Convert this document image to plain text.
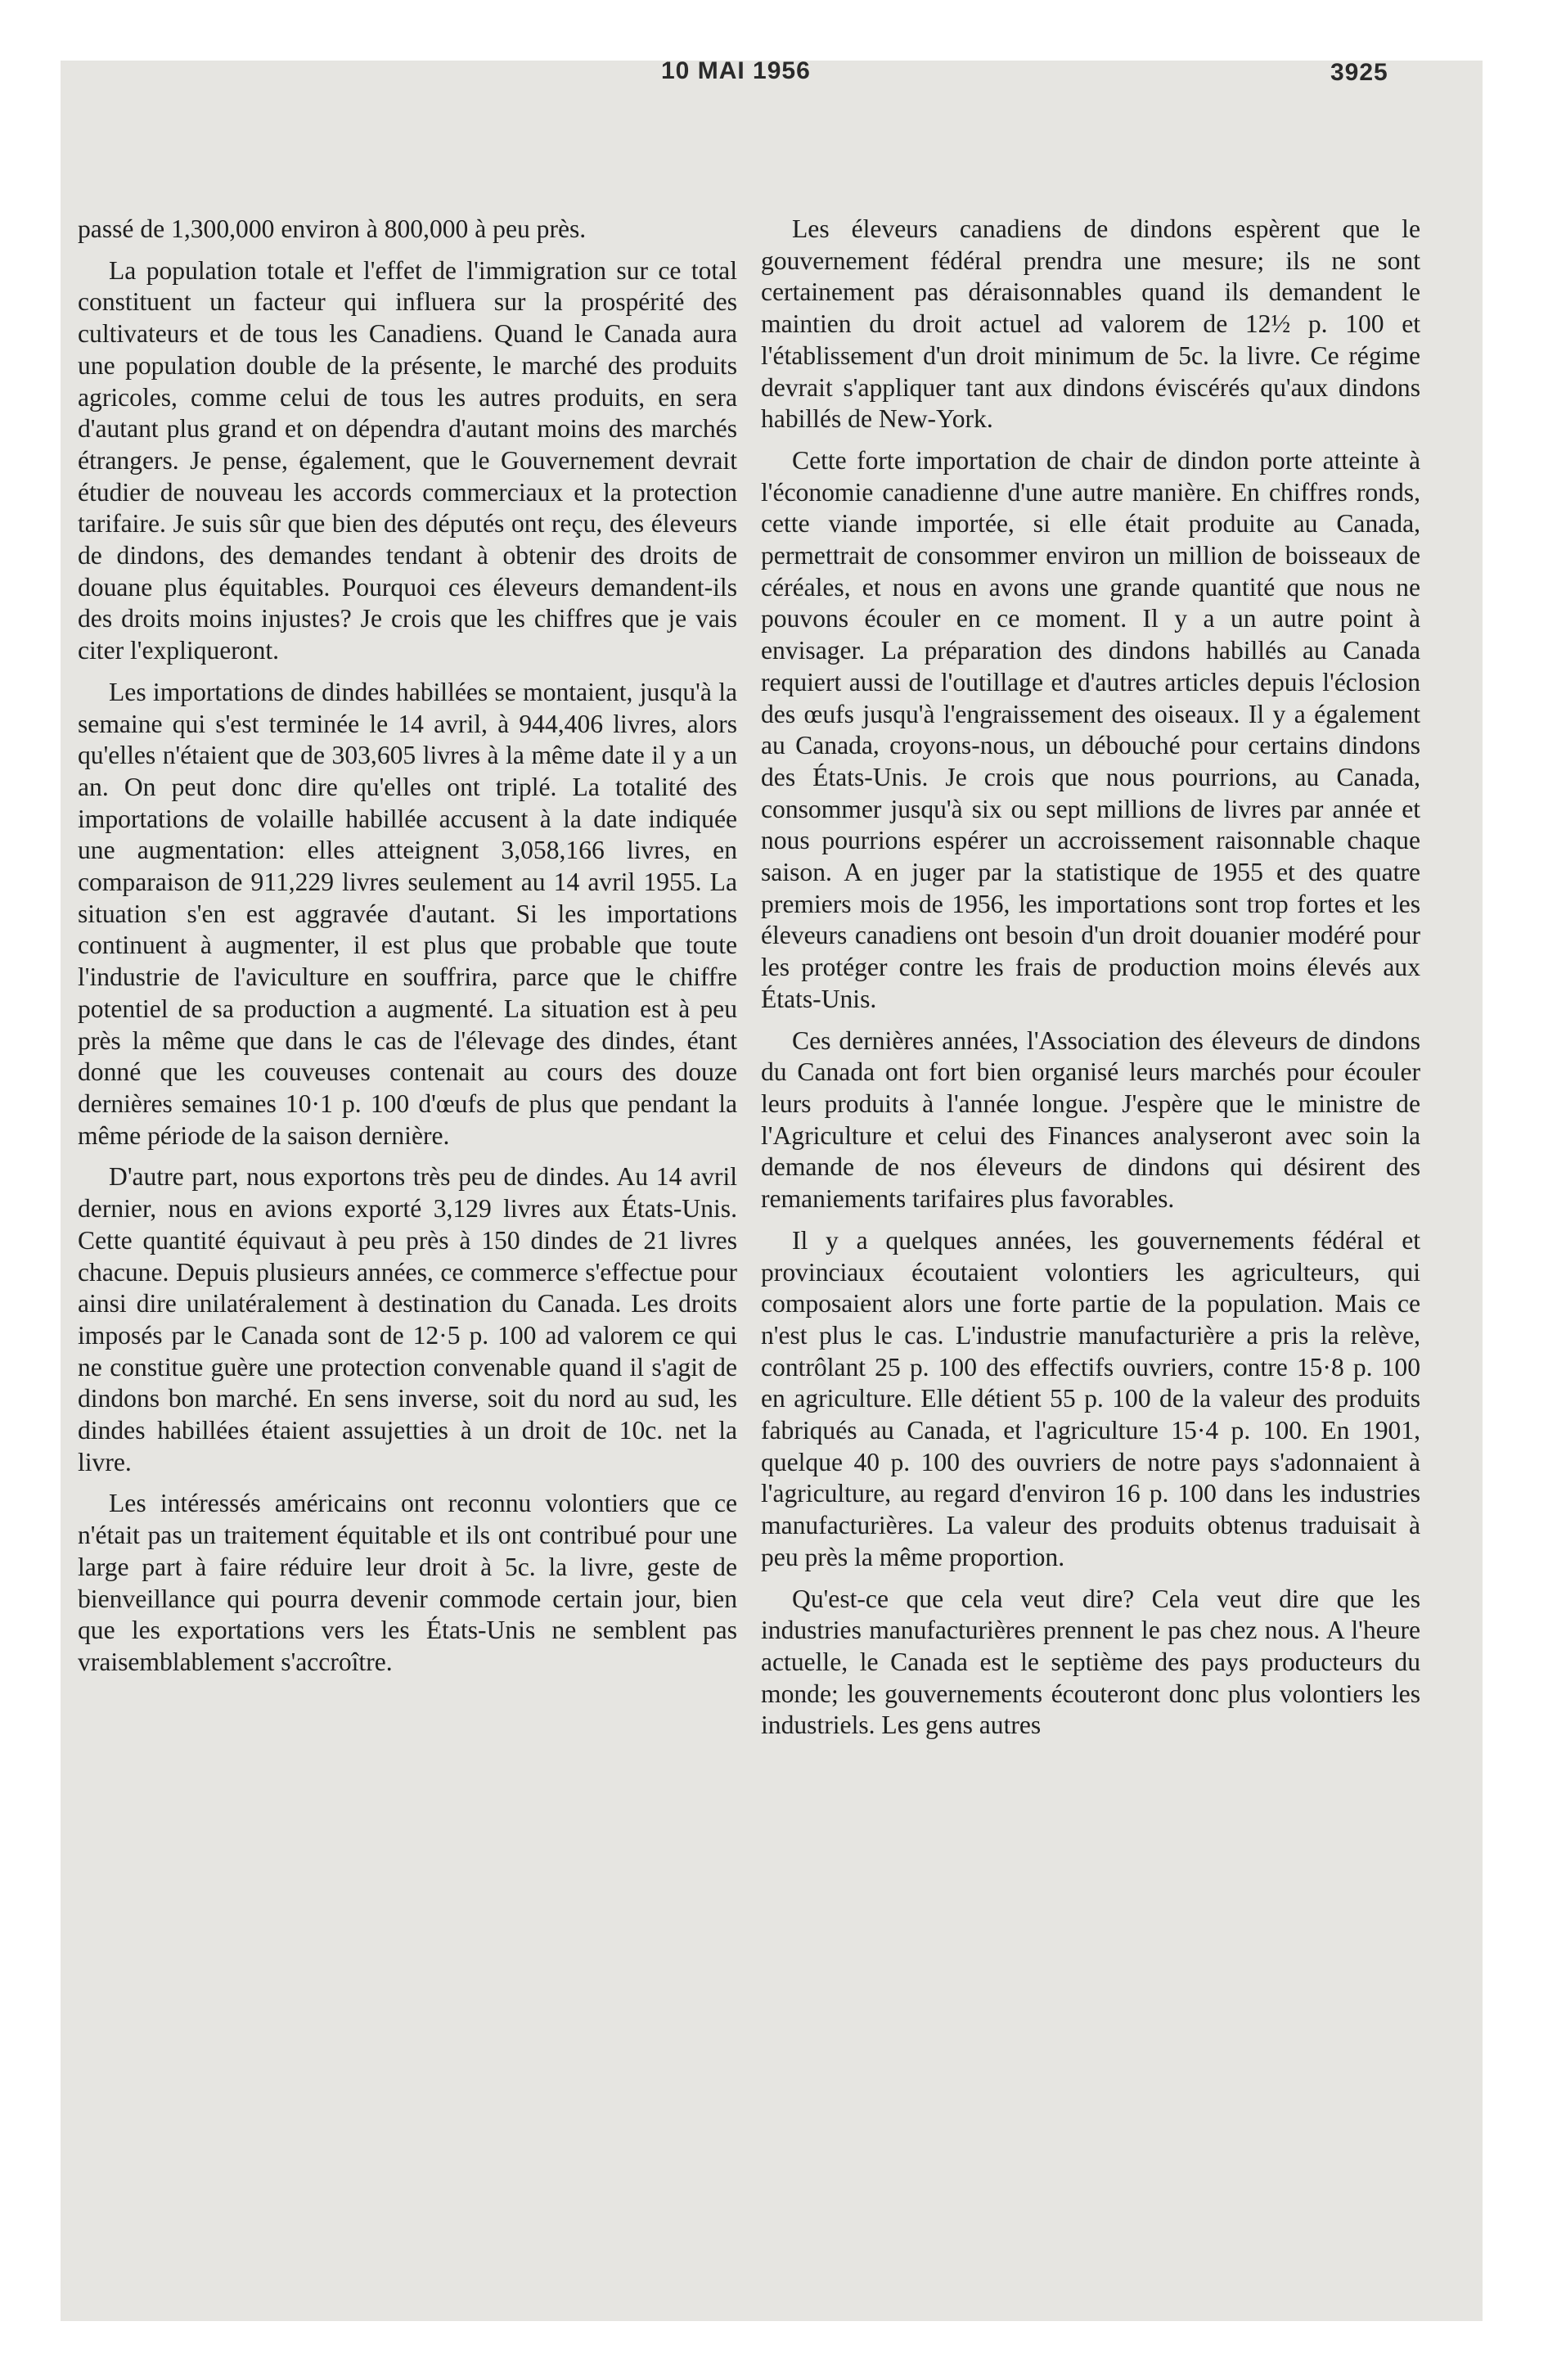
10 MAI 1956	3925

passé de 1,300,000 environ à 800,000 à peu près.

La population totale et l'effet de l'immigration sur ce total constituent un facteur qui influera sur la prospérité des cultivateurs et de tous les Canadiens. Quand le Canada aura une population double de la présente, le marché des produits agricoles, comme celui de tous les autres produits, en sera d'autant plus grand et on dépendra d'autant moins des marchés étrangers. Je pense, également, que le Gouvernement devrait étudier de nouveau les accords commerciaux et la protection tarifaire. Je suis sûr que bien des députés ont reçu, des éleveurs de dindons, des demandes tendant à obtenir des droits de douane plus équitables. Pourquoi ces éleveurs demandent-ils des droits moins injustes? Je crois que les chiffres que je vais citer l'expliqueront.

Les importations de dindes habillées se montaient, jusqu'à la semaine qui s'est terminée le 14 avril, à 944,406 livres, alors qu'elles n'étaient que de 303,605 livres à la même date il y a un an. On peut donc dire qu'elles ont triplé. La totalité des importations de volaille habillée accusent à la date indiquée une augmentation: elles atteignent 3,058,166 livres, en comparaison de 911,229 livres seulement au 14 avril 1955. La situation s'en est aggravée d'autant. Si les importations continuent à augmenter, il est plus que probable que toute l'industrie de l'aviculture en souffrira, parce que le chiffre potentiel de sa production a augmenté. La situation est à peu près la même que dans le cas de l'élevage des dindes, étant donné que les couveuses contenait au cours des douze dernières semaines 10·1 p. 100 d'œufs de plus que pendant la même période de la saison dernière.

D'autre part, nous exportons très peu de dindes. Au 14 avril dernier, nous en avions exporté 3,129 livres aux États-Unis. Cette quantité équivaut à peu près à 150 dindes de 21 livres chacune. Depuis plusieurs années, ce commerce s'effectue pour ainsi dire unilatéralement à destination du Canada. Les droits imposés par le Canada sont de 12·5 p. 100 ad valorem ce qui ne constitue guère une protection convenable quand il s'agit de dindons bon marché. En sens inverse, soit du nord au sud, les dindes habillées étaient assujetties à un droit de 10c. net la livre.

Les intéressés américains ont reconnu volontiers que ce n'était pas un traitement équitable et ils ont contribué pour une large part à faire réduire leur droit à 5c. la livre, geste de bienveillance qui pourra devenir commode certain jour, bien que les exportations vers les États-Unis ne semblent pas vraisemblablement s'accroître.

Les éleveurs canadiens de dindons espèrent que le gouvernement fédéral prendra une mesure; ils ne sont certainement pas déraisonnables quand ils demandent le maintien du droit actuel ad valorem de 12½ p. 100 et l'établissement d'un droit minimum de 5c. la livre. Ce régime devrait s'appliquer tant aux dindons éviscérés qu'aux dindons habillés de New-York.

Cette forte importation de chair de dindon porte atteinte à l'économie canadienne d'une autre manière. En chiffres ronds, cette viande importée, si elle était produite au Canada, permettrait de consommer environ un million de boisseaux de céréales, et nous en avons une grande quantité que nous ne pouvons écouler en ce moment. Il y a un autre point à envisager. La préparation des dindons habillés au Canada requiert aussi de l'outillage et d'autres articles depuis l'éclosion des œufs jusqu'à l'engraissement des oiseaux. Il y a également au Canada, croyons-nous, un débouché pour certains dindons des États-Unis. Je crois que nous pourrions, au Canada, consommer jusqu'à six ou sept millions de livres par année et nous pourrions espérer un accroissement raisonnable chaque saison. A en juger par la statistique de 1955 et des quatre premiers mois de 1956, les importations sont trop fortes et les éleveurs canadiens ont besoin d'un droit douanier modéré pour les protéger contre les frais de production moins élevés aux États-Unis.

Ces dernières années, l'Association des éleveurs de dindons du Canada ont fort bien organisé leurs marchés pour écouler leurs produits à l'année longue. J'espère que le ministre de l'Agriculture et celui des Finances analyseront avec soin la demande de nos éleveurs de dindons qui désirent des remaniements tarifaires plus favorables.

Il y a quelques années, les gouvernements fédéral et provinciaux écoutaient volontiers les agriculteurs, qui composaient alors une forte partie de la population. Mais ce n'est plus le cas. L'industrie manufacturière a pris la relève, contrôlant 25 p. 100 des effectifs ouvriers, contre 15·8 p. 100 en agriculture. Elle détient 55 p. 100 de la valeur des produits fabriqués au Canada, et l'agriculture 15·4 p. 100. En 1901, quelque 40 p. 100 des ouvriers de notre pays s'adonnaient à l'agriculture, au regard d'environ 16 p. 100 dans les industries manufacturières. La valeur des produits obtenus traduisait à peu près la même proportion.

Qu'est-ce que cela veut dire? Cela veut dire que les industries manufacturières prennent le pas chez nous. A l'heure actuelle, le Canada est le septième des pays producteurs du monde; les gouvernements écouteront donc plus volontiers les industriels. Les gens autres
